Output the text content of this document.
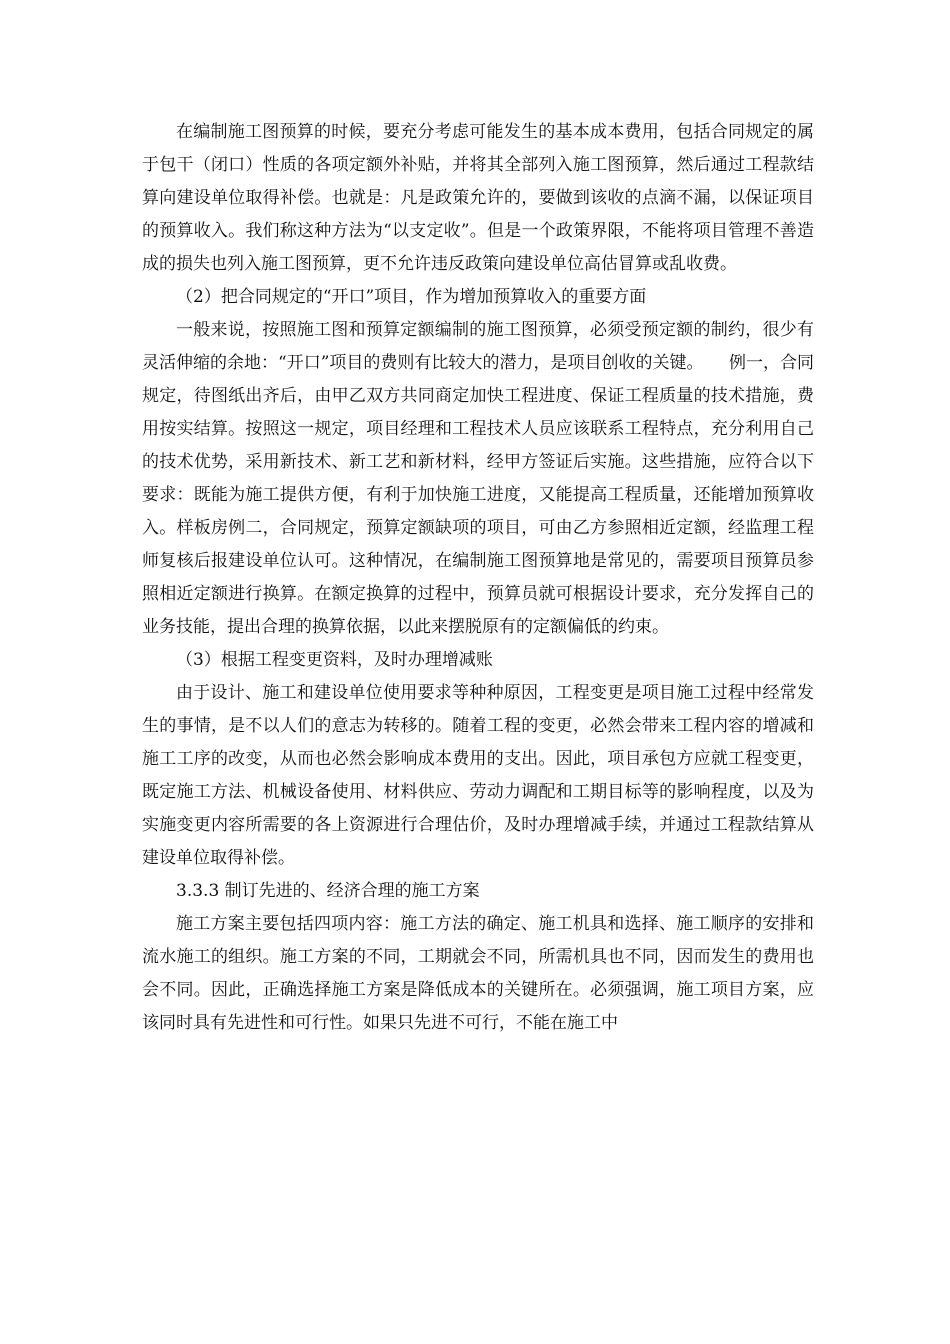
在编制施工图预算的时候，要充分考虑可能发生的基本成本费用，包括合同规定的属于包干（闭口）性质的各项定额外补贴，并将其全部列入施工图预算，然后通过工程款结算向建设单位取得补偿。也就是：凡是政策允许的，要做到该收的点滴不漏，以保证项目的预算收入。我们称这种方法为“以支定收”。但是一个政策界限，不能将项目管理不善造成的损失也列入施工图预算，更不允许违反政策向建设单位高估冒算或乱收费。

（2）把合同规定的“开口”项目，作为增加预算收入的重要方面

一般来说，按照施工图和预算定额编制的施工图预算，必须受预定额的制约，很少有灵活伸缩的余地：“开口”项目的费则有比较大的潜力，是项目创收的关键。　　例一，合同规定，待图纸出齐后，由甲乙双方共同商定加快工程进度、保证工程质量的技术措施，费用按实结算。按照这一规定，项目经理和工程技术人员应该联系工程特点，充分利用自己的技术优势，采用新技术、新工艺和新材料，经甲方签证后实施。这些措施，应符合以下要求：既能为施工提供方便，有利于加快施工进度，又能提高工程质量，还能增加预算收入。样板房例二，合同规定，预算定额缺项的项目，可由乙方参照相近定额，经监理工程师复核后报建设单位认可。这种情况，在编制施工图预算地是常见的，需要项目预算员参照相近定额进行换算。在额定换算的过程中，预算员就可根据设计要求，充分发挥自己的业务技能，提出合理的换算依据，以此来摆脱原有的定额偏低的约束。

（3）根据工程变更资料，及时办理增减账

由于设计、施工和建设单位使用要求等种种原因，工程变更是项目施工过程中经常发生的事情，是不以人们的意志为转移的。随着工程的变更，必然会带来工程内容的增减和施工工序的改变，从而也必然会影响成本费用的支出。因此，项目承包方应就工程变更，既定施工方法、机械设备使用、材料供应、劳动力调配和工期目标等的影响程度，以及为实施变更内容所需要的各上资源进行合理估价，及时办理增减手续，并通过工程款结算从建设单位取得补偿。

3.3.3 制订先进的、经济合理的施工方案

施工方案主要包括四项内容：施工方法的确定、施工机具和选择、施工顺序的安排和流水施工的组织。施工方案的不同，工期就会不同，所需机具也不同，因而发生的费用也会不同。因此，正确选择施工方案是降低成本的关键所在。必须强调，施工项目方案，应该同时具有先进性和可行性。如果只先进不可行，不能在施工中
